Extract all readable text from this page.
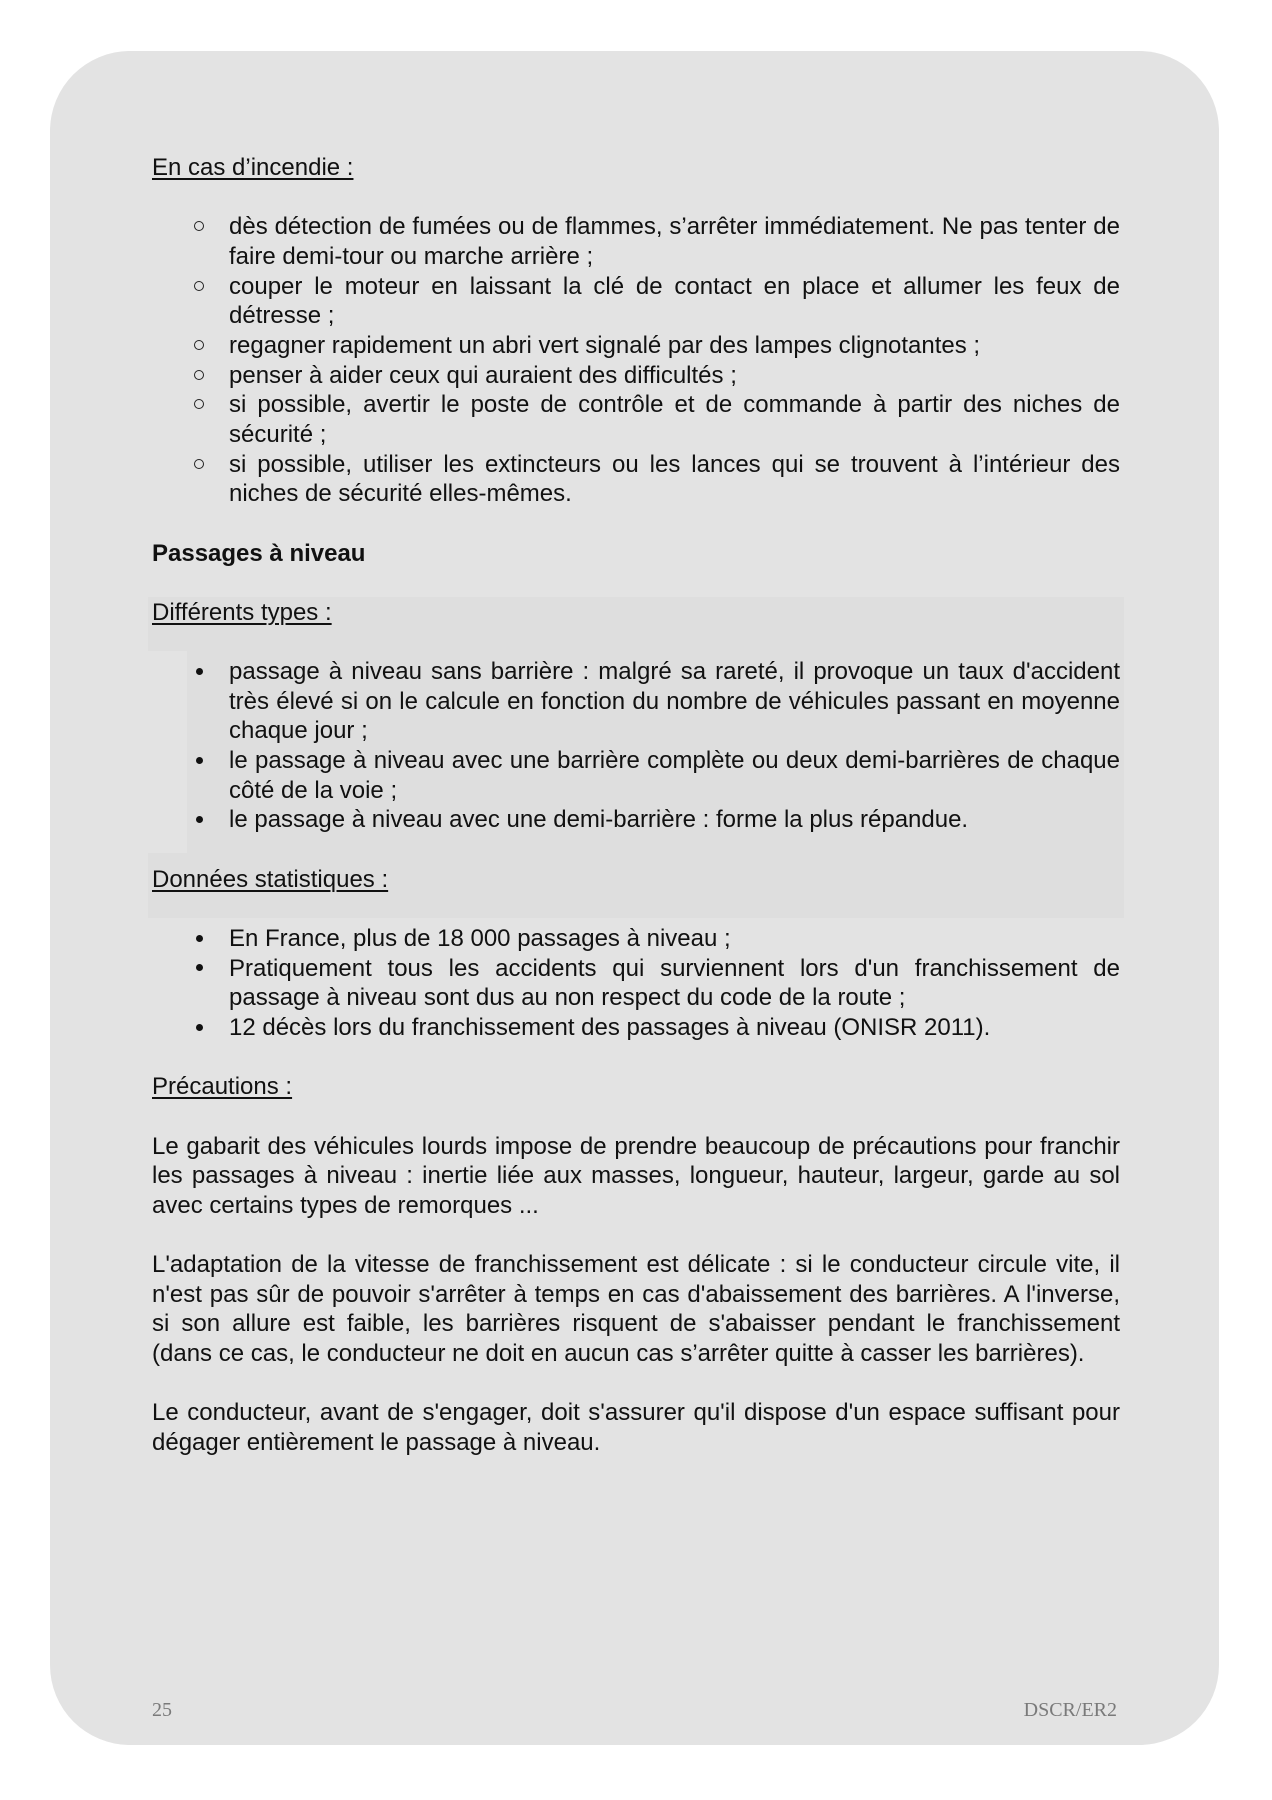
En cas d’incendie :
dès détection de fumées ou de flammes, s’arrêter immédiatement. Ne pas tenter de faire demi-tour ou marche arrière ;
couper le moteur en laissant la clé de contact en place et allumer les feux de détresse ;
regagner rapidement un abri vert signalé par des lampes clignotantes ;
penser à aider ceux qui auraient des difficultés ;
si possible, avertir le poste de contrôle et de commande à partir des niches de sécurité ;
si possible, utiliser les extincteurs ou les lances qui se trouvent à l’intérieur des niches de sécurité elles-mêmes.
Passages à niveau
Différents types :
passage à niveau sans barrière : malgré sa rareté, il provoque un taux d'accident très élevé si on le calcule en fonction du nombre de véhicules passant en moyenne chaque jour ;
le passage à niveau avec une barrière complète ou deux demi-barrières de chaque côté de la voie ;
le passage à niveau avec une demi-barrière : forme la plus répandue.
Données statistiques :
En France, plus de 18 000 passages à niveau ;
Pratiquement tous les accidents qui surviennent lors d'un franchissement de passage à niveau sont dus au non respect du code de la route ;
12 décès lors du franchissement des passages à niveau (ONISR 2011).
Précautions :

Le gabarit des véhicules lourds impose de prendre beaucoup de précautions pour franchir les passages à niveau : inertie liée aux masses, longueur, hauteur, largeur, garde au sol avec certains types de remorques ...

L'adaptation de la vitesse de franchissement est délicate : si le conducteur circule vite, il n'est pas sûr de pouvoir s'arrêter à temps en cas d'abaissement des barrières. A l'inverse, si son allure est faible, les barrières risquent de s'abaisser pendant le franchissement (dans ce cas, le conducteur ne doit en aucun cas s’arrêter quitte à casser les barrières).

Le conducteur, avant de s'engager, doit s'assurer qu'il dispose d'un espace suffisant pour dégager entièrement le passage à niveau.

25	DSCR/ER2
